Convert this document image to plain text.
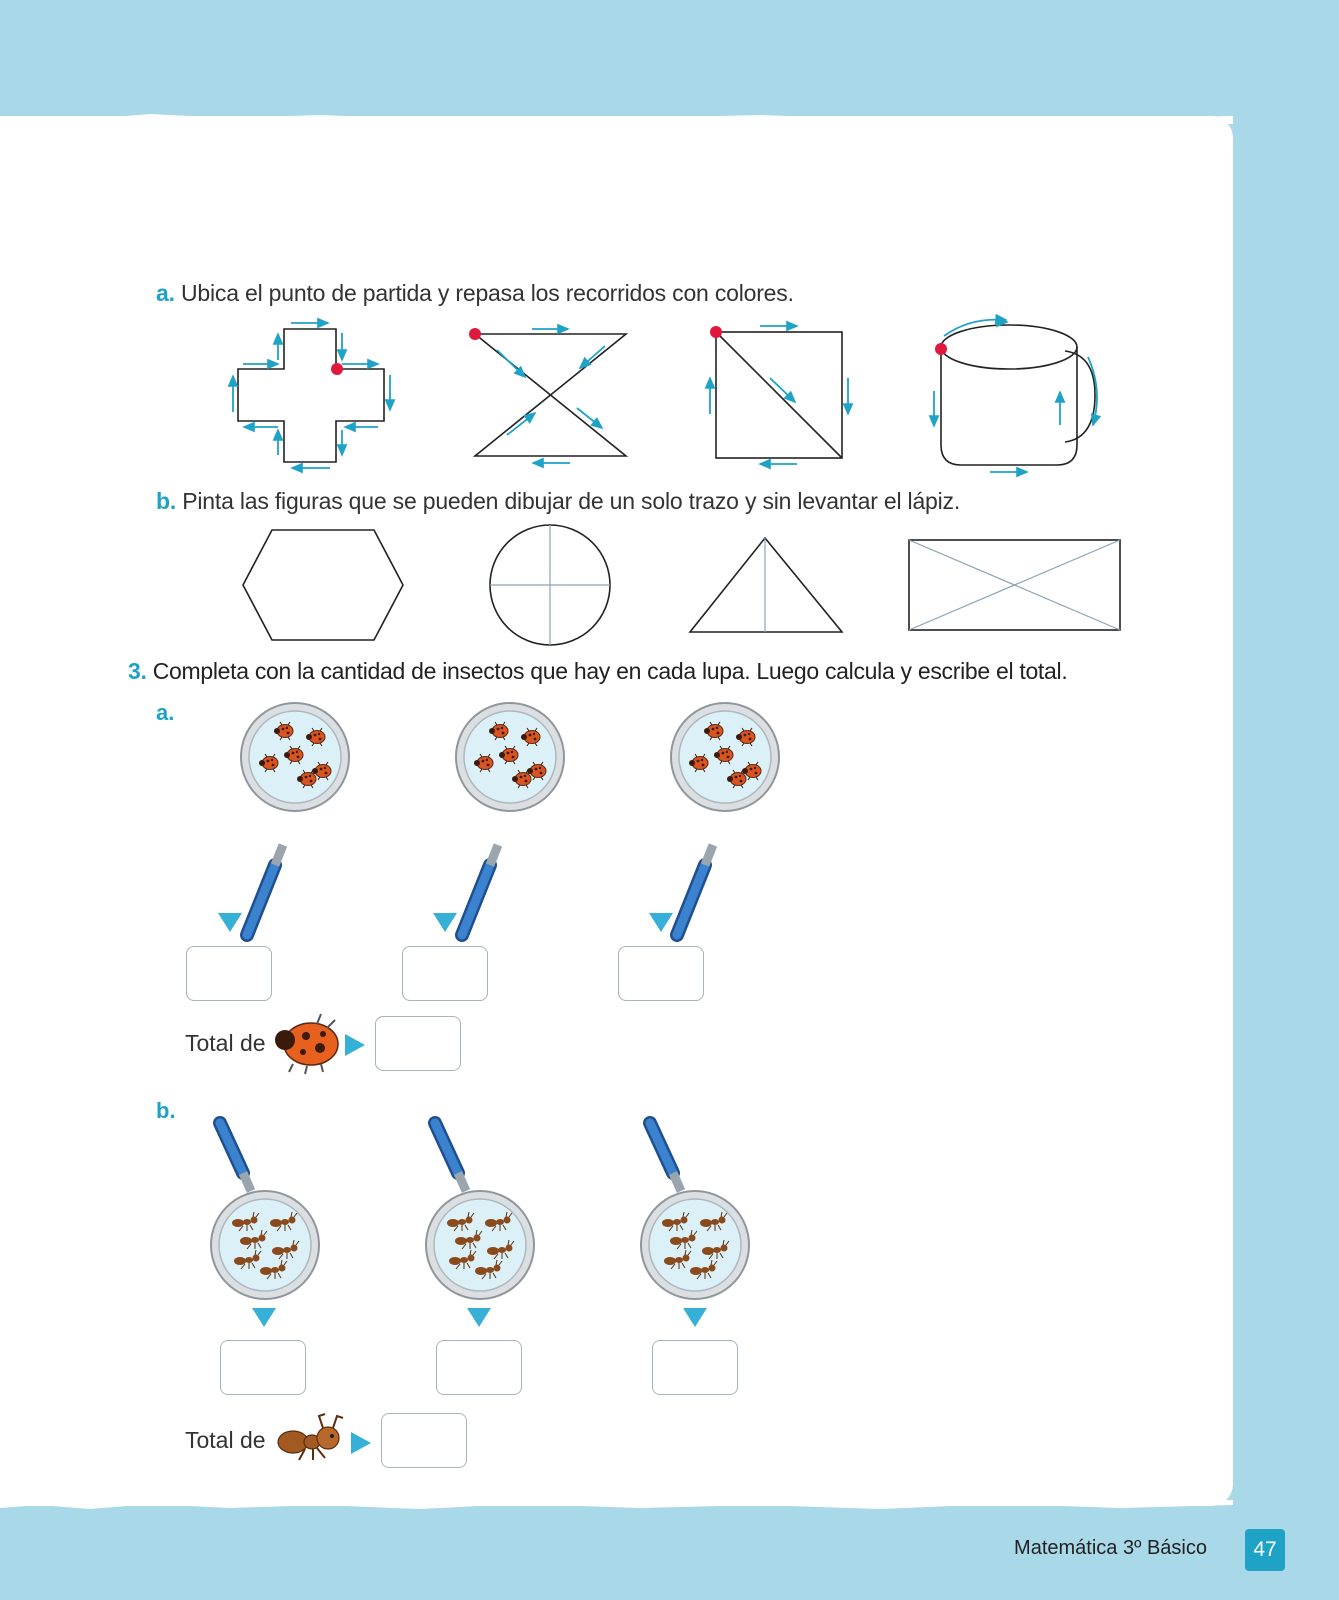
a. Ubica el punto de partida y repasa los recorridos con colores.
b. Pinta las figuras que se pueden dibujar de un solo trazo y sin levantar el lápiz.
3. Completa con la cantidad de insectos que hay en cada lupa. Luego calcula y escribe el total.
a.
Total de
b.
Total de
Matemática 3º Básico	47
